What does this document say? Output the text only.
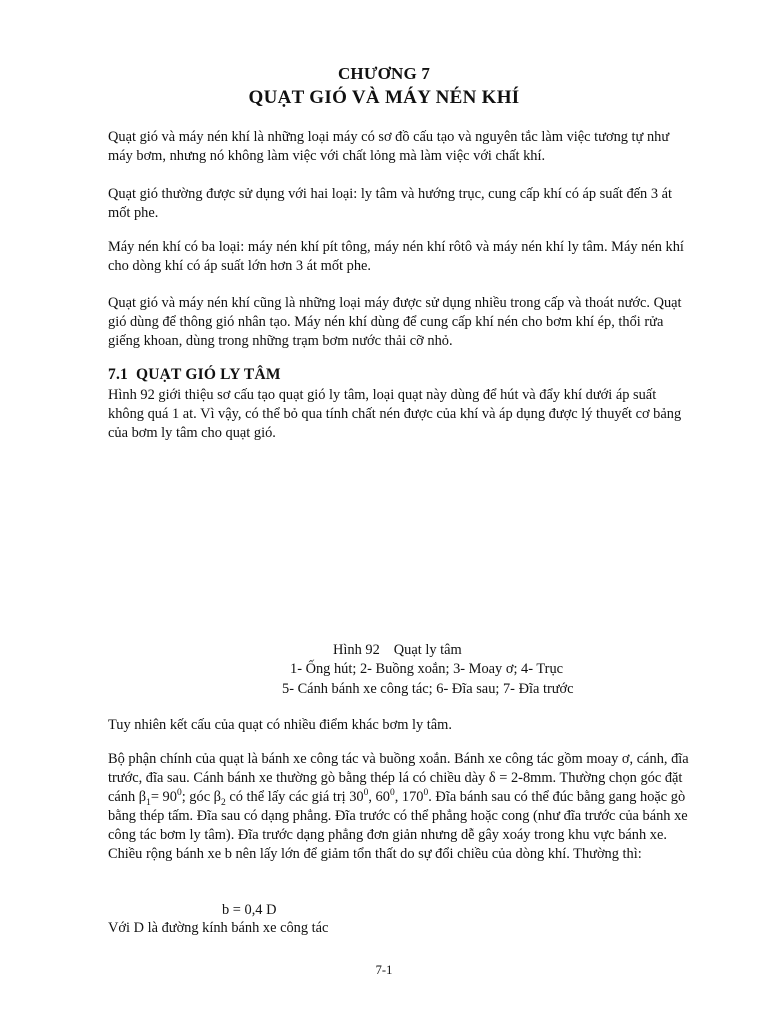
CHƯƠNG 7
QUẠT GIÓ VÀ MÁY NÉN KHÍ

Quạt gió và máy nén khí là những loại máy có sơ đồ cấu tạo và nguyên tắc làm việc tương tự như máy bơm, nhưng nó không làm việc với chất lỏng mà làm việc với chất khí.

Quạt gió thường được sử dụng với hai loại: ly tâm và hướng trục, cung cấp khí có áp suất đến 3 át mốt phe.

Máy nén khí có ba loại: máy nén khí pít tông, máy nén khí rôtô và máy nén khí ly tâm. Máy nén khí cho dòng khí có áp suất lớn hơn 3 át mốt phe.

Quạt gió và máy nén khí cũng là những loại máy được sử dụng nhiều trong cấp và thoát nước. Quạt gió dùng để thông gió nhân tạo. Máy nén khí dùng để cung cấp khí nén cho bơm khí ép, thổi rửa giếng khoan, dùng trong những trạm bơm nước thải cỡ nhỏ.

7.1 QUẠT GIÓ LY TÂM

Hình 92 giới thiệu sơ cấu tạo quạt gió ly tâm, loại quạt này dùng để hút và đẩy khí dưới áp suất không quá 1 at. Vì vậy, có thể bỏ qua tính chất nén được của khí và áp dụng được lý thuyết cơ bảng của bơm ly tâm cho quạt gió.

Hình 92 Quạt ly tâm

1- Ống hút; 2- Buồng xoắn; 3- Moay ơ; 4- Trục

5- Cánh bánh xe công tác; 6- Đĩa sau; 7- Đĩa trước

Tuy nhiên kết cấu của quạt có nhiều điểm khác bơm ly tâm.

Bộ phận chính của quạt là bánh xe công tác và buồng xoắn. Bánh xe công tác gồm moay ơ, cánh, đĩa trước, đĩa sau. Cánh bánh xe thường gò bằng thép lá có chiều dày δ = 2-8mm. Thường chọn góc đặt cánh $\beta_1= 90^0$; góc $\beta_2$ có thể lấy các giá trị $30^0$, $60^0$, $170^0$. Đĩa bánh sau có thể đúc bằng gang hoặc gò bằng thép tấm. Đĩa sau có dạng phẳng. Đĩa trước có thể phẳng hoặc cong (như đĩa trước của bánh xe công tác bơm ly tâm). Đĩa trước dạng phẳng đơn giản nhưng dễ gây xoáy trong khu vực bánh xe. Chiều rộng bánh xe b nên lấy lớn để giảm tổn thất do sự đổi chiều của dòng khí. Thường thì:

b = 0,4 D

Với D là đường kính bánh xe công tác

7-1
